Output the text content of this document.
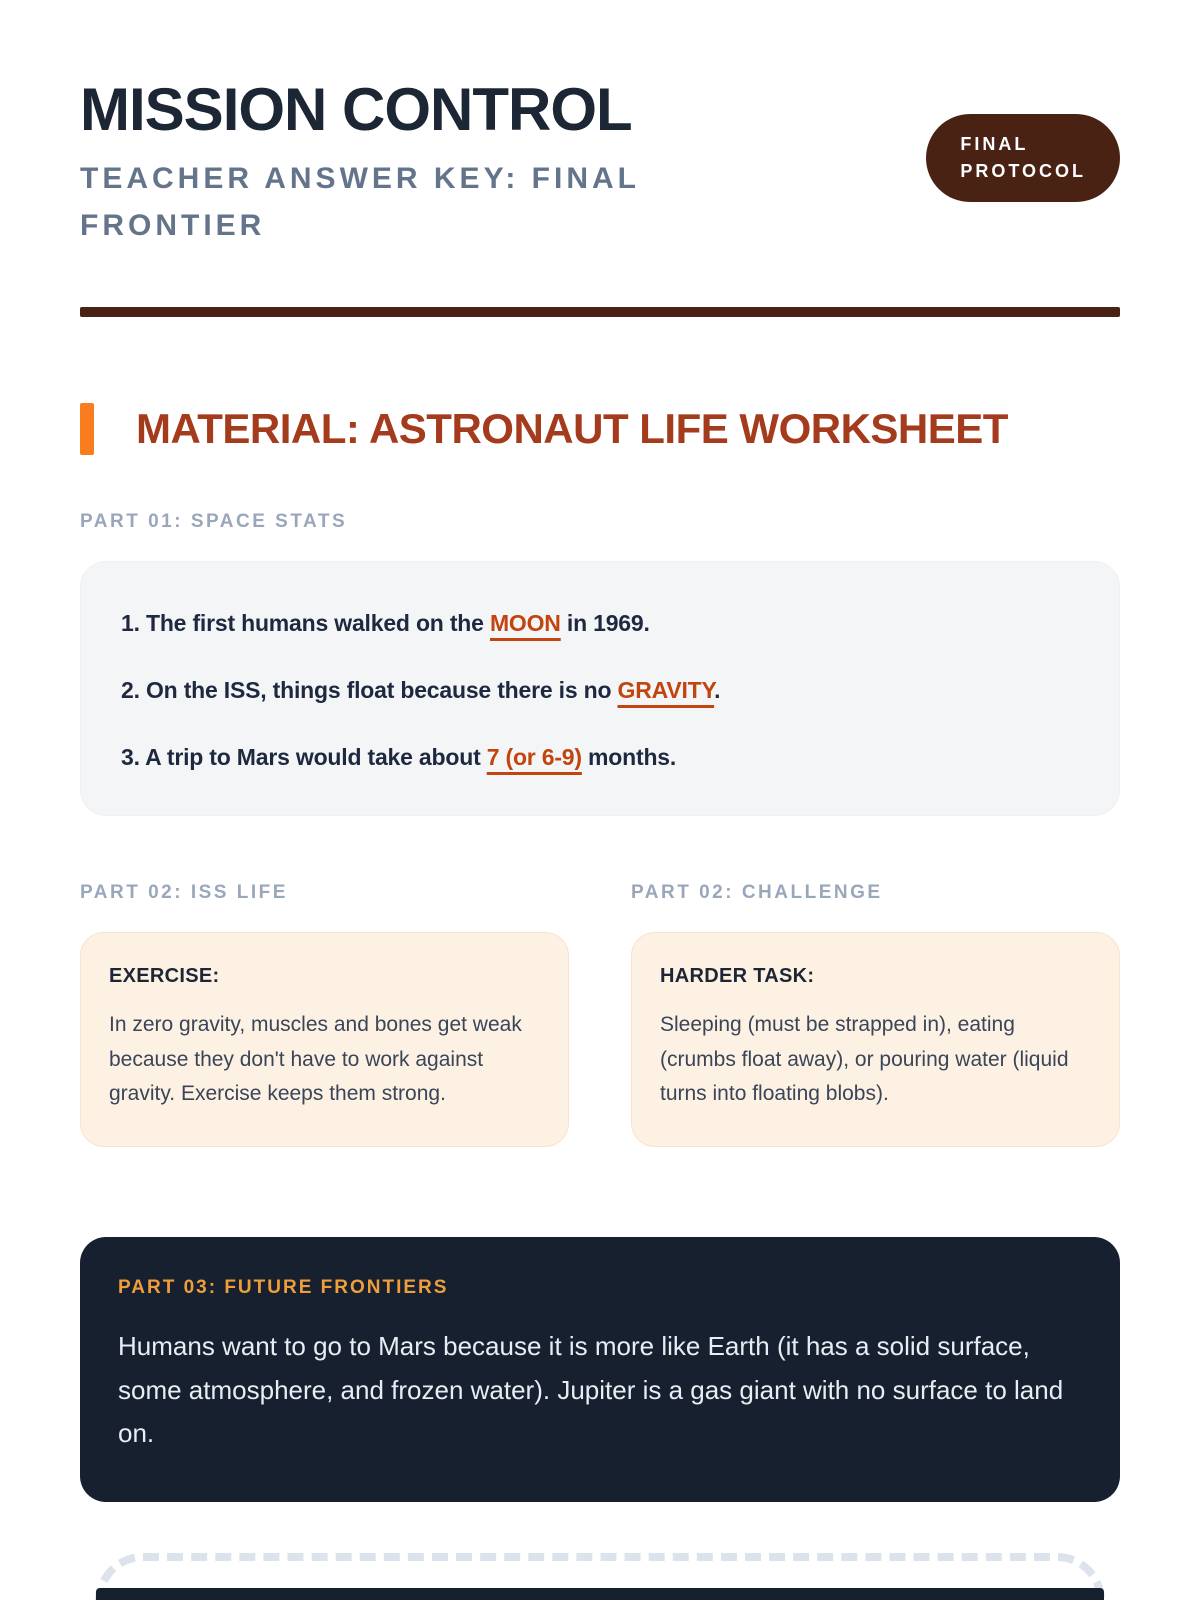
MISSION CONTROL
TEACHER ANSWER KEY: FINAL FRONTIER
FINAL
PROTOCOL
MATERIAL: ASTRONAUT LIFE WORKSHEET
PART 01: SPACE STATS
1. The first humans walked on the MOON in 1969.
2. On the ISS, things float because there is no GRAVITY.
3. A trip to Mars would take about 7 (or 6-9) months.
PART 02: ISS LIFE
EXERCISE:
In zero gravity, muscles and bones get weak because they don't have to work against gravity. Exercise keeps them strong.
PART 02: CHALLENGE
HARDER TASK:
Sleeping (must be strapped in), eating (crumbs float away), or pouring water (liquid turns into floating blobs).
PART 03: FUTURE FRONTIERS
Humans want to go to Mars because it is more like Earth (it has a solid surface, some atmosphere, and frozen water). Jupiter is a gas giant with no surface to land on.
